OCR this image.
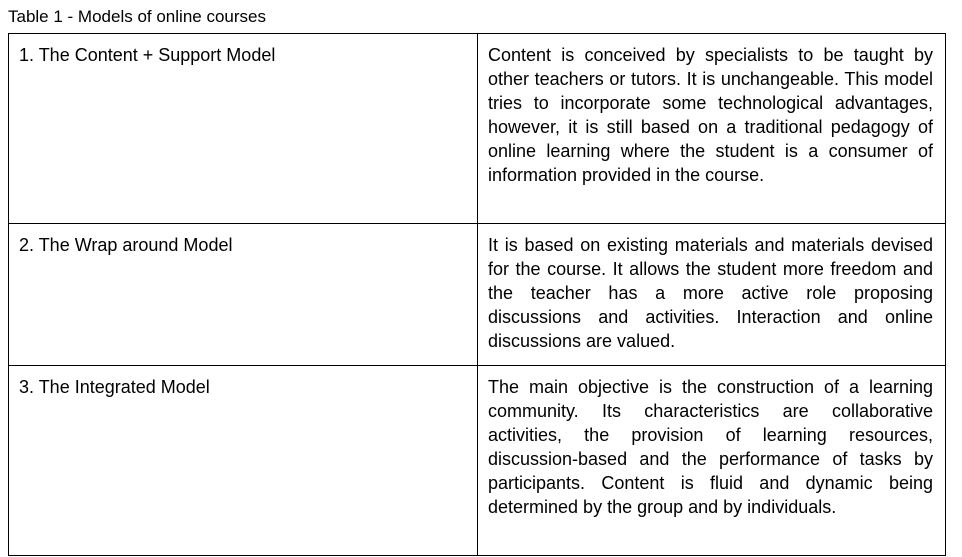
Table 1 - Models of online courses
1. The Content + Support Model	Content is conceived by specialists to be taught by other teachers or tutors. It is unchangeable. This model tries to incorporate some technological advantages, however, it is still based on a traditional pedagogy of online learning where the student is a consumer of information provided in the course.
2. The Wrap around Model	It is based on existing materials and materials devised for the course. It allows the student more freedom and the teacher has a more active role proposing discussions and activities. Interaction and online discussions are valued.
3. The Integrated Model	The main objective is the construction of a learning community. Its characteristics are collaborative activities, the provision of learning resources, discussion-based and the performance of tasks by participants. Content is fluid and dynamic being determined by the group and by individuals.
